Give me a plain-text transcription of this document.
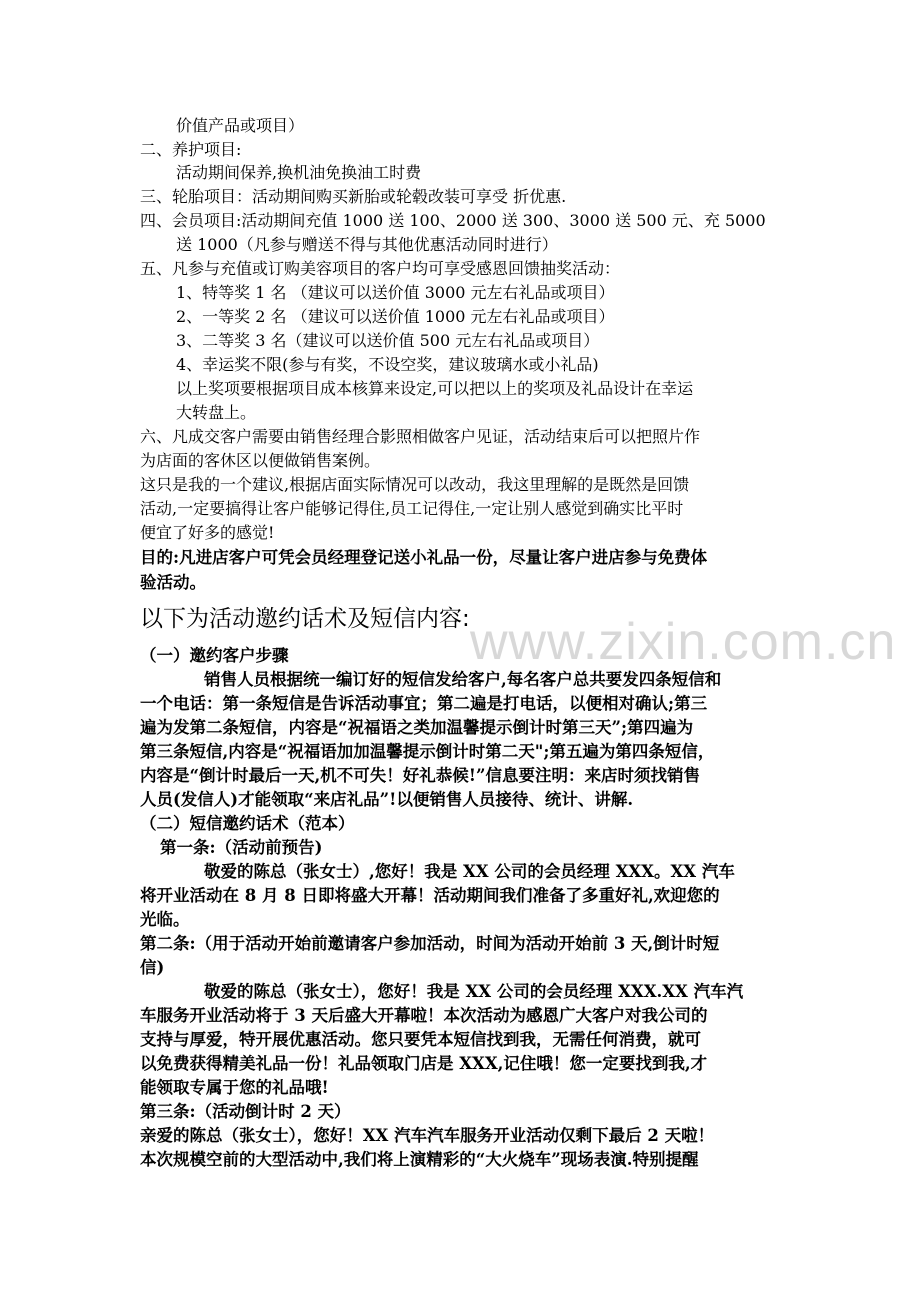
价值产品或项目）
二、养护项目:
活动期间保养,换机油免换油工时费
三、轮胎项目：活动期间购买新胎或轮毂改装可享受 折优惠.
四、会员项目:活动期间充值 1000 送 100、2000 送 300、3000 送 500 元、充 5000
送 1000（凡参与赠送不得与其他优惠活动同时进行）
五、凡参与充值或订购美容项目的客户均可享受感恩回馈抽奖活动：
1、特等奖 1 名 （建议可以送价值 3000 元左右礼品或项目）
2、一等奖 2 名 （建议可以送价值 1000 元左右礼品或项目）
3、二等奖 3 名（建议可以送价值 500 元左右礼品或项目）
4、幸运奖不限(参与有奖，不设空奖，建议玻璃水或小礼品)
以上奖项要根据项目成本核算来设定,可以把以上的奖项及礼品设计在幸运
大转盘上。
六、凡成交客户需要由销售经理合影照相做客户见证，活动结束后可以把照片作
为店面的客休区以便做销售案例。
这只是我的一个建议,根据店面实际情况可以改动，我这里理解的是既然是回馈
活动,一定要搞得让客户能够记得住,员工记得住,一定让别人感觉到确实比平时
便宜了好多的感觉!
目的:凡进店客户可凭会员经理登记送小礼品一份，尽量让客户进店参与免费体
验活动。
www.zixin.com.cn
以下为活动邀约话术及短信内容:
（一）邀约客户步骤
销售人员根据统一编订好的短信发给客户,每名客户总共要发四条短信和
一个电话：第一条短信是告诉活动事宜；第二遍是打电话，以便相对确认;第三
遍为发第二条短信，内容是“祝福语之类加温馨提示倒计时第三天”;第四遍为
第三条短信,内容是“祝福语加加温馨提示倒计时第二天";第五遍为第四条短信，
内容是“倒计时最后一天,机不可失！好礼恭候!”信息要注明：来店时须找销售
人员(发信人)才能领取“来店礼品”!以便销售人员接待、统计、讲解.
（二）短信邀约话术（范本）
第一条:（活动前预告)
敬爱的陈总（张女士）,您好！我是 XX 公司的会员经理 XXX。XX 汽车
将开业活动在 8 月 8 日即将盛大开幕！活动期间我们准备了多重好礼,欢迎您的
光临。
第二条:（用于活动开始前邀请客户参加活动，时间为活动开始前 3 天,倒计时短
信)
敬爱的陈总（张女士），您好！我是 XX 公司的会员经理 XXX.XX 汽车汽
车服务开业活动将于 3 天后盛大开幕啦！本次活动为感恩广大客户对我公司的
支持与厚爱，特开展优惠活动。您只要凭本短信找到我，无需任何消费，就可
以免费获得精美礼品一份！礼品领取门店是 XXX,记住哦！您一定要找到我,才
能领取专属于您的礼品哦!
第三条:（活动倒计时 2 天）
亲爱的陈总（张女士），您好！XX 汽车汽车服务开业活动仅剩下最后 2 天啦！
本次规模空前的大型活动中,我们将上演精彩的“大火烧车”现场表演.特别提醒
